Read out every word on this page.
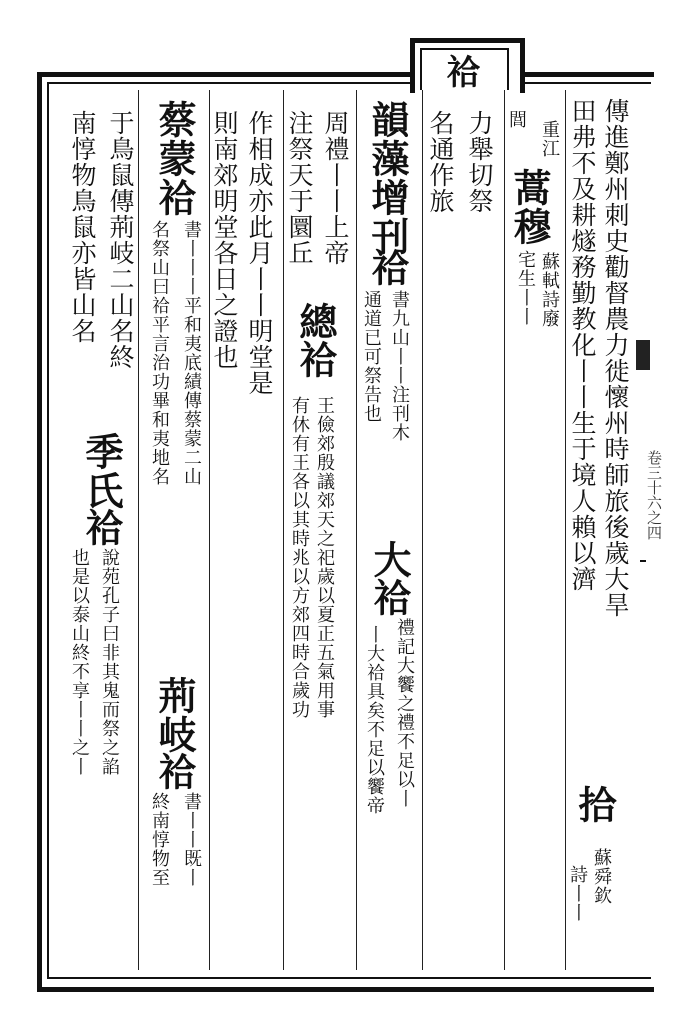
祫
卷三十六之四
傳進鄭州刺史勸督農力徙懷州時師旅後歲大旱
田弗不及耕燧務勤教化丨丨生于境人賴以濟
重江
蒿穆
蘇軾詩廢
宅生丨丨
拾
蘇舜欽
詩丨丨
閭
力舉切祭
名通作旅
韻藻增刊
祫
書九山丨丨注刊木
通道已可祭告也
周禮丨丨上帝
總
王儉郊殷議郊天之祀歲以夏正五氣用事
注祭天于圜丘
祫
有休有王各以其時兆以方郊四時合歲功 大
祫
禮記大饗之禮不足以丨
丨大祫具矣不足以饗帝
作相成亦此月丨丨明堂是
則南郊明堂各日之證也
蔡蒙
祫
書丨丨丨平和夷底績傳蔡蒙二山
名祭山曰祫平言治功畢和夷地名
荊岐
祫
書丨丨既丨
終南惇物至
于鳥鼠傳荊岐二山名終
季氏
祫
說苑孔子曰非其鬼而祭之諂
南惇物鳥鼠亦皆山名
也是以泰山終不享丨丨之丨
